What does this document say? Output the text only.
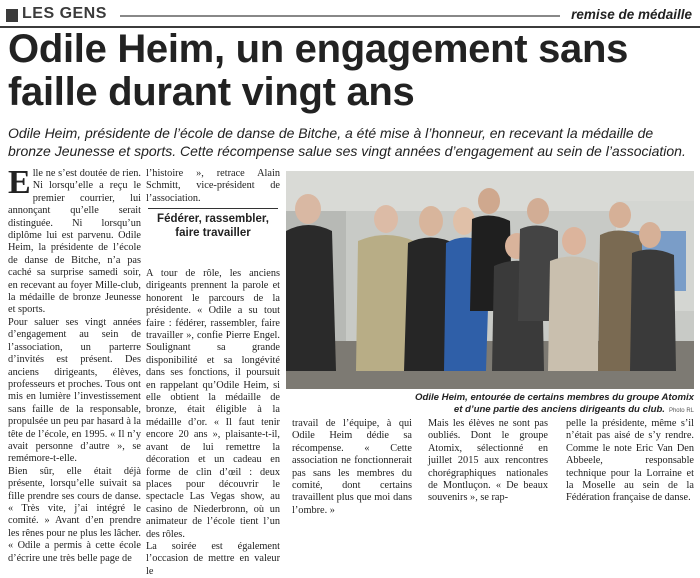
LES GENS	remise de médaille
Odile Heim, un engagement sans faille durant vingt ans
Odile Heim, présidente de l’école de danse de Bitche, a été mise à l’honneur, en recevant la médaille de bronze Jeunesse et sports. Cette récompense salue ses vingt années d’engagement au sein de l’association.

Elle ne s’est doutée de rien. Ni lorsqu’elle a reçu le premier courrier, lui annonçant qu’elle serait distinguée. Ni lorsqu’un diplôme lui est parvenu. Odile Heim, la présidente de l’école de danse de Bitche, n’a pas caché sa surprise samedi soir, en recevant au foyer Mille-club, la médaille de bronze Jeunesse et sports.

Pour saluer ses vingt années d’engagement au sein de l’association, un parterre d’invités est présent. Des anciens dirigeants, élèves, professeurs et proches. Tous ont mis en lumière l’investissement sans faille de la responsable, propulsée un peu par hasard à la tête de l’école, en 1995. « Il n’y avait personne d’autre », se remémore-t-elle.

Bien sûr, elle était déjà présente, lorsqu’elle suivait sa fille prendre ses cours de danse. « Très vite, j’ai intégré le comité. » Avant d’en prendre les rênes pour ne plus les lâcher. « Odile a permis à cette école d’écrire une très belle page de

l’histoire », retrace Alain Schmitt, vice-président de l’association.

Fédérer, rassembler, faire travailler

A tour de rôle, les anciens dirigeants prennent la parole et honorent le parcours de la présidente. « Odile a su tout faire : fédérer, rassembler, faire travailler », confie Pierre Engel. Soulignant sa grande disponibilité et sa longévité dans ses fonctions, il poursuit en rappelant qu’Odile Heim, si elle obtient la médaille de bronze, était éligible à la médaille d’or. « Il faut tenir encore 20 ans », plaisante-t-il, avant de lui remettre la décoration et un cadeau en forme de clin d’œil : deux places pour découvrir le spectacle Las Vegas show, au casino de Niederbronn, où un animateur de l’école tient l’un des rôles.

La soirée est également l’occasion de mettre en valeur le

Odile Heim, entourée de certains membres du groupe Atomix
et d’une partie des anciens dirigeants du club. Photo RL

travail de l’équipe, à qui Odile Heim dédie sa récompense. « Cette association ne fonctionnerait pas sans les membres du comité, dont certains travaillent plus que moi dans l’ombre. »

Mais les élèves ne sont pas oubliés. Dont le groupe Atomix, sélectionné en juillet 2015 aux rencontres chorégraphiques nationales de Montluçon. « De beaux souvenirs », se rap-

pelle la présidente, même s’il n’était pas aisé de s’y rendre. Comme le note Eric Van Den Abbeele, responsable technique pour la Lorraine et la Moselle au sein de la Fédération française de danse.
